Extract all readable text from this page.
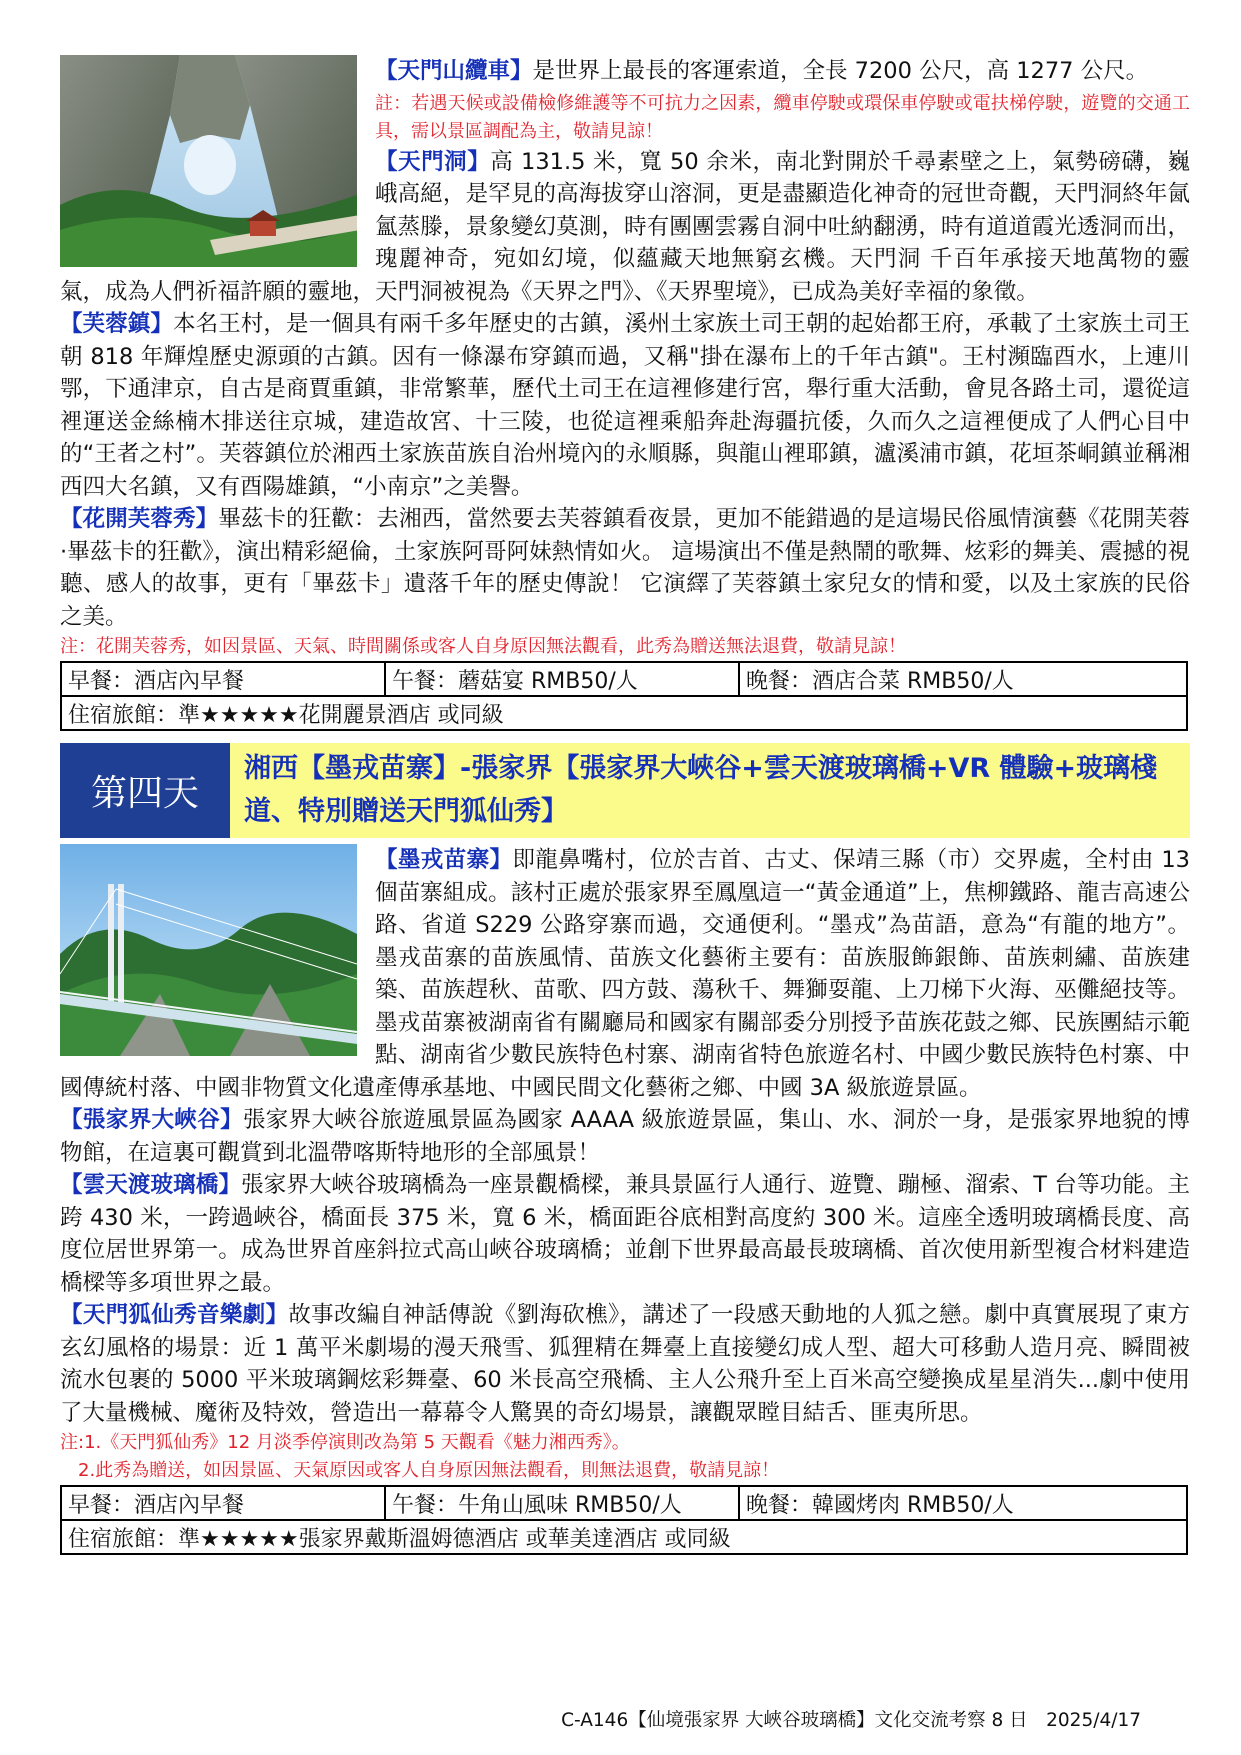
【天門山纜車】是世界上最長的客運索道，全長 7200 公尺，高 1277 公尺。

註：若遇天候或設備檢修維護等不可抗力之因素，纜車停駛或環保車停駛或電扶梯停駛，遊覽的交通工具，需以景區調配為主，敬請見諒！

【天門洞】高 131.5 米，寬 50 余米，南北對開於千尋素壁之上，氣勢磅礴，巍峨高絕，是罕見的高海拔穿山溶洞，更是盡顯造化神奇的冠世奇觀，天門洞終年氤氳蒸滕，景象變幻莫測，時有團團雲霧自洞中吐納翻湧，時有道道霞光透洞而出，瑰麗神奇，宛如幻境，似蘊藏天地無窮玄機。天門洞 千百年承接天地萬物的靈氣，成為人們祈福許願的靈地，天門洞被視為《天界之門》、《天界聖境》，已成為美好幸福的象徵。

【芙蓉鎮】本名王村，是一個具有兩千多年歷史的古鎮，溪州土家族土司王朝的起始都王府，承載了土家族土司王朝 818 年輝煌歷史源頭的古鎮。因有一條瀑布穿鎮而過，又稱"掛在瀑布上的千年古鎮"。王村瀕臨酉水，上連川鄂，下通津京，自古是商賈重鎮，非常繁華，歷代土司王在這裡修建行宮，舉行重大活動，會見各路土司，還從這裡運送金絲楠木排送往京城，建造故宮、十三陵，也從這裡乘船奔赴海疆抗倭，久而久之這裡便成了人們心目中的“王者之村”。芙蓉鎮位於湘西土家族苗族自治州境內的永順縣，與龍山裡耶鎮，瀘溪浦市鎮，花垣茶峒鎮並稱湘西四大名鎮，又有酉陽雄鎮，“小南京”之美譽。

【花開芙蓉秀】畢茲卡的狂歡：去湘西，當然要去芙蓉鎮看夜景，更加不能錯過的是這場民俗風情演藝《花開芙蓉·畢茲卡的狂歡》，演出精彩絕倫，土家族阿哥阿妹熱情如火。 這場演出不僅是熱鬧的歌舞、炫彩的舞美、震撼的視聽、感人的故事，更有「畢茲卡」遺落千年的歷史傳說！ 它演繹了芙蓉鎮土家兒女的情和愛，以及土家族的民俗之美。

注：花開芙蓉秀，如因景區、天氣、時間關係或客人自身原因無法觀看，此秀為贈送無法退費，敬請見諒！

早餐：酒店內早餐	午餐：蘑菇宴 RMB50/人	晚餐：酒店合菜 RMB50/人
住宿旅館：準★★★★★花開麗景酒店 或同級
第四天
湘西【墨戎苗寨】-張家界【張家界大峽谷+雲天渡玻璃橋+VR 體驗+玻璃棧道、特別贈送天門狐仙秀】

【墨戎苗寨】即龍鼻嘴村，位於吉首、古丈、保靖三縣（市）交界處，全村由 13 個苗寨組成。該村正處於張家界至鳳凰這一“黃金通道”上，焦柳鐵路、龍吉高速公路、省道 S229 公路穿寨而過，交通便利。“墨戎”為苗語，意為“有龍的地方”。墨戎苗寨的苗族風情、苗族文化藝術主要有：苗族服飾銀飾、苗族刺繡、苗族建築、苗族趕秋、苗歌、四方鼓、蕩秋千、舞獅耍龍、上刀梯下火海、巫儺絕技等。墨戎苗寨被湖南省有關廳局和國家有關部委分別授予苗族花鼓之鄉、民族團結示範點、湖南省少數民族特色村寨、湖南省特色旅遊名村、中國少數民族特色村寨、中國傳統村落、中國非物質文化遺產傳承基地、中國民間文化藝術之鄉、中國 3A 級旅遊景區。

【張家界大峽谷】張家界大峽谷旅遊風景區為國家 AAAA 級旅遊景區，集山、水、洞於一身，是張家界地貌的博物館，在這裏可觀賞到北溫帶喀斯特地形的全部風景！

【雲天渡玻璃橋】張家界大峽谷玻璃橋為一座景觀橋樑，兼具景區行人通行、遊覽、蹦極、溜索、T 台等功能。主跨 430 米，一跨過峽谷，橋面長 375 米，寬 6 米，橋面距谷底相對高度約 300 米。這座全透明玻璃橋長度、高度位居世界第一。成為世界首座斜拉式高山峽谷玻璃橋；並創下世界最高最長玻璃橋、首次使用新型複合材料建造橋樑等多項世界之最。

【天門狐仙秀音樂劇】故事改編自神話傳說《劉海砍樵》，講述了一段感天動地的人狐之戀。劇中真實展現了東方玄幻風格的場景：近 1 萬平米劇場的漫天飛雪、狐狸精在舞臺上直接變幻成人型、超大可移動人造月亮、瞬間被流水包裹的 5000 平米玻璃鋼炫彩舞臺、60 米長高空飛橋、主人公飛升至上百米高空變換成星星消失...劇中使用了大量機械、魔術及特效，營造出一幕幕令人驚異的奇幻場景，讓觀眾瞠目結舌、匪夷所思。

注:1.《天門狐仙秀》12 月淡季停演則改為第 5 天觀看《魅力湘西秀》。

2.此秀為贈送，如因景區、天氣原因或客人自身原因無法觀看，則無法退費，敬請見諒！

早餐：酒店內早餐	午餐：牛角山風味 RMB50/人	晚餐：韓國烤肉 RMB50/人
住宿旅館：準★★★★★張家界戴斯溫姆德酒店 或華美達酒店 或同級
C-A146【仙境張家界 大峽谷玻璃橋】文化交流考察 8 日　2025/4/17
